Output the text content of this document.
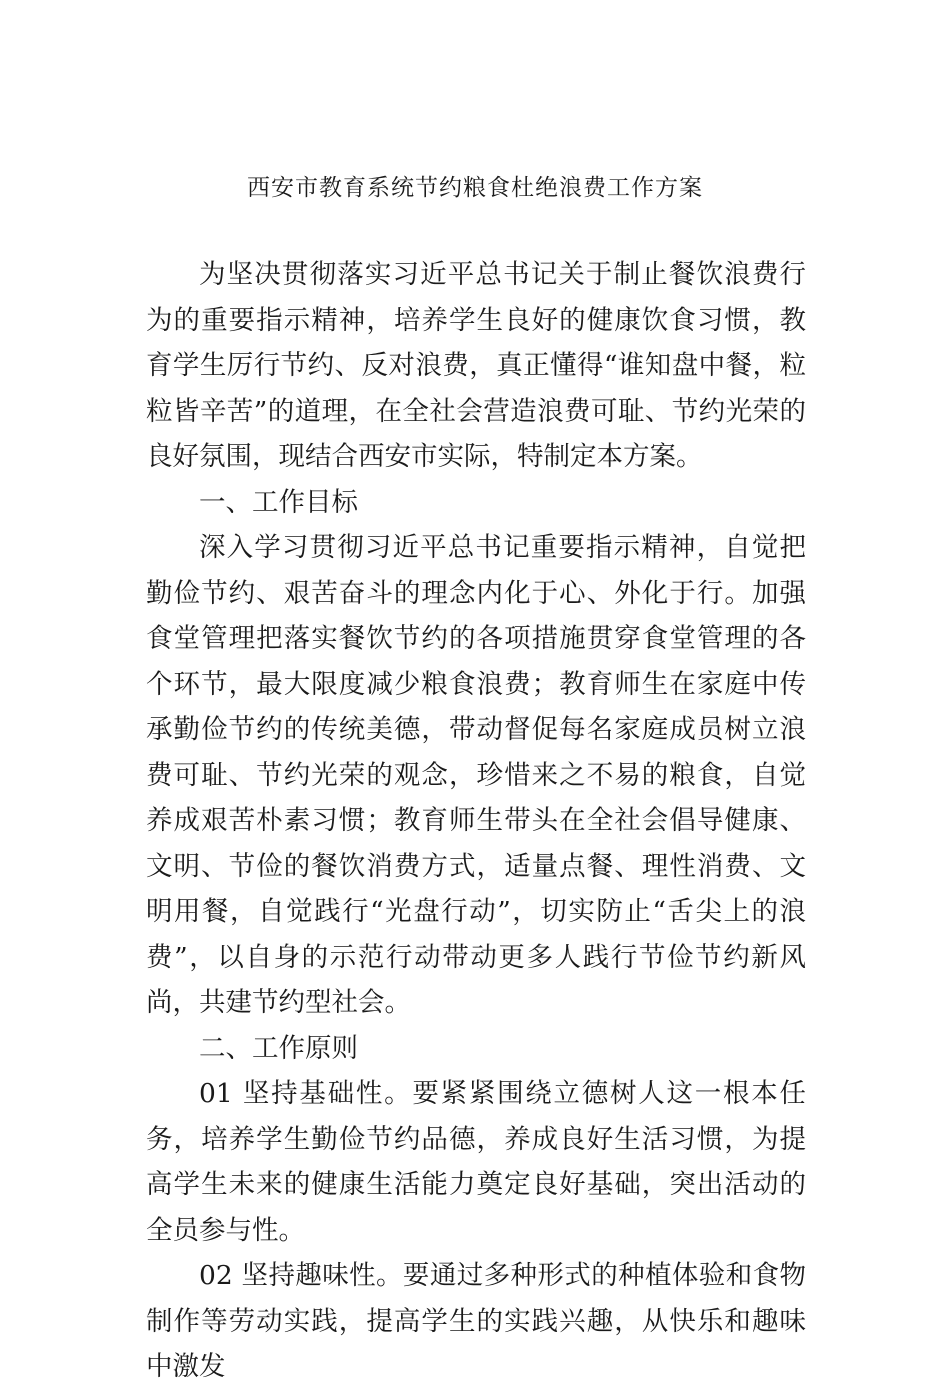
西安市教育系统节约粮食杜绝浪费工作方案

为坚决贯彻落实习近平总书记关于制止餐饮浪费行为的重要指示精神，培养学生良好的健康饮食习惯，教育学生厉行节约、反对浪费，真正懂得“谁知盘中餐，粒粒皆辛苦”的道理，在全社会营造浪费可耻、节约光荣的良好氛围，现结合西安市实际，特制定本方案。

一、工作目标

深入学习贯彻习近平总书记重要指示精神，自觉把勤俭节约、艰苦奋斗的理念内化于心、外化于行。加强食堂管理把落实餐饮节约的各项措施贯穿食堂管理的各个环节，最大限度减少粮食浪费；教育师生在家庭中传承勤俭节约的传统美德，带动督促每名家庭成员树立浪费可耻、节约光荣的观念，珍惜来之不易的粮食，自觉养成艰苦朴素习惯；教育师生带头在全社会倡导健康、文明、节俭的餐饮消费方式，适量点餐、理性消费、文明用餐，自觉践行“光盘行动”，切实防止“舌尖上的浪费”，以自身的示范行动带动更多人践行节俭节约新风尚，共建节约型社会。

二、工作原则

01 坚持基础性。要紧紧围绕立德树人这一根本任务，培养学生勤俭节约品德，养成良好生活习惯，为提高学生未来的健康生活能力奠定良好基础，突出活动的全员参与性。

02 坚持趣味性。要通过多种形式的种植体验和食物制作等劳动实践，提高学生的实践兴趣，从快乐和趣味中激发
